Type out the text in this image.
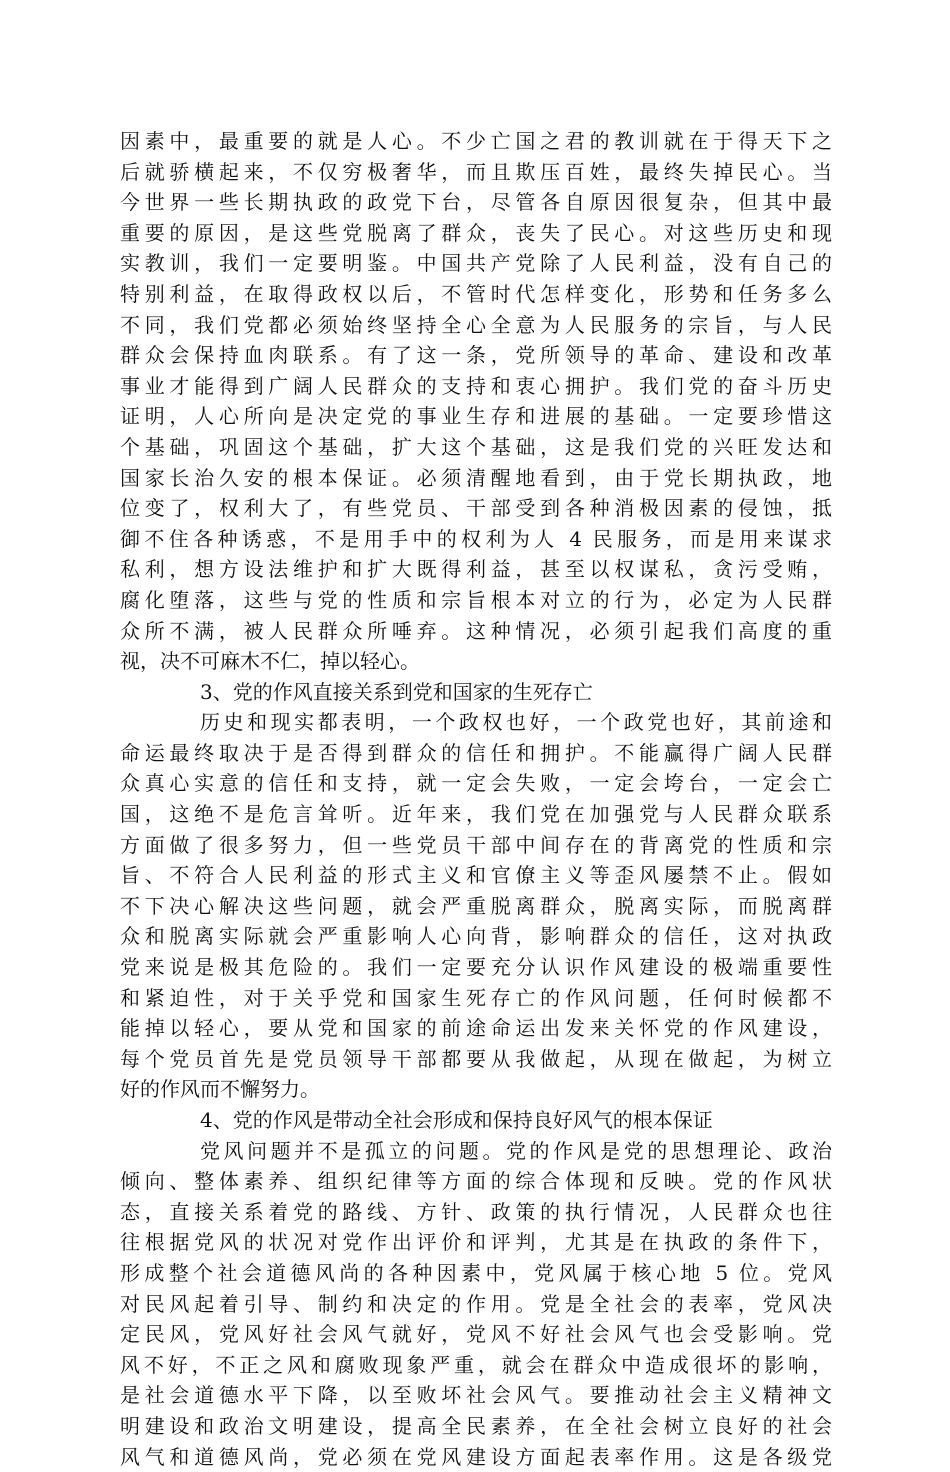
因素中，最重要的就是人心。不少亡国之君的教训就在于得天下之
后就骄横起来，不仅穷极奢华，而且欺压百姓，最终失掉民心。当
今世界一些长期执政的政党下台，尽管各自原因很复杂，但其中最
重要的原因，是这些党脱离了群众，丧失了民心。对这些历史和现
实教训，我们一定要明鉴。中国共产党除了人民利益，没有自己的
特别利益，在取得政权以后，不管时代怎样变化，形势和任务多么
不同，我们党都必须始终坚持全心全意为人民服务的宗旨，与人民
群众会保持血肉联系。有了这一条，党所领导的革命、建设和改革
事业才能得到广阔人民群众的支持和衷心拥护。我们党的奋斗历史
证明，人心所向是决定党的事业生存和进展的基础。一定要珍惜这
个基础，巩固这个基础，扩大这个基础，这是我们党的兴旺发达和
国家长治久安的根本保证。必须清醒地看到，由于党长期执政，地
位变了，权利大了，有些党员、干部受到各种消极因素的侵蚀，抵
御不住各种诱惑，不是用手中的权利为人 4 民服务，而是用来谋求
私利，想方设法维护和扩大既得利益，甚至以权谋私，贪污受贿，
腐化堕落，这些与党的性质和宗旨根本对立的行为，必定为人民群
众所不满，被人民群众所唾弃。这种情况，必须引起我们高度的重
视，决不可麻木不仁，掉以轻心。
3、党的作风直接关系到党和国家的生死存亡
历史和现实都表明，一个政权也好，一个政党也好，其前途和
命运最终取决于是否得到群众的信任和拥护。不能赢得广阔人民群
众真心实意的信任和支持，就一定会失败，一定会垮台，一定会亡
国，这绝不是危言耸听。近年来，我们党在加强党与人民群众联系
方面做了很多努力，但一些党员干部中间存在的背离党的性质和宗
旨、不符合人民利益的形式主义和官僚主义等歪风屡禁不止。假如
不下决心解决这些问题，就会严重脱离群众，脱离实际，而脱离群
众和脱离实际就会严重影响人心向背，影响群众的信任，这对执政
党来说是极其危险的。我们一定要充分认识作风建设的极端重要性
和紧迫性，对于关乎党和国家生死存亡的作风问题，任何时候都不
能掉以轻心，要从党和国家的前途命运出发来关怀党的作风建设，
每个党员首先是党员领导干部都要从我做起，从现在做起，为树立
好的作风而不懈努力。
4、党的作风是带动全社会形成和保持良好风气的根本保证
党风问题并不是孤立的问题。党的作风是党的思想理论、政治
倾向、整体素养、组织纪律等方面的综合体现和反映。党的作风状
态，直接关系着党的路线、方针、政策的执行情况，人民群众也往
往根据党风的状况对党作出评价和评判，尤其是在执政的条件下，
形成整个社会道德风尚的各种因素中，党风属于核心地 5 位。党风
对民风起着引导、制约和决定的作用。党是全社会的表率，党风决
定民风，党风好社会风气就好，党风不好社会风气也会受影响。党
风不好，不正之风和腐败现象严重，就会在群众中造成很坏的影响，
是社会道德水平下降，以至败坏社会风气。要推动社会主义精神文
明建设和政治文明建设，提高全民素养，在全社会树立良好的社会
风气和道德风尚，党必须在党风建设方面起表率作用。这是各级党
